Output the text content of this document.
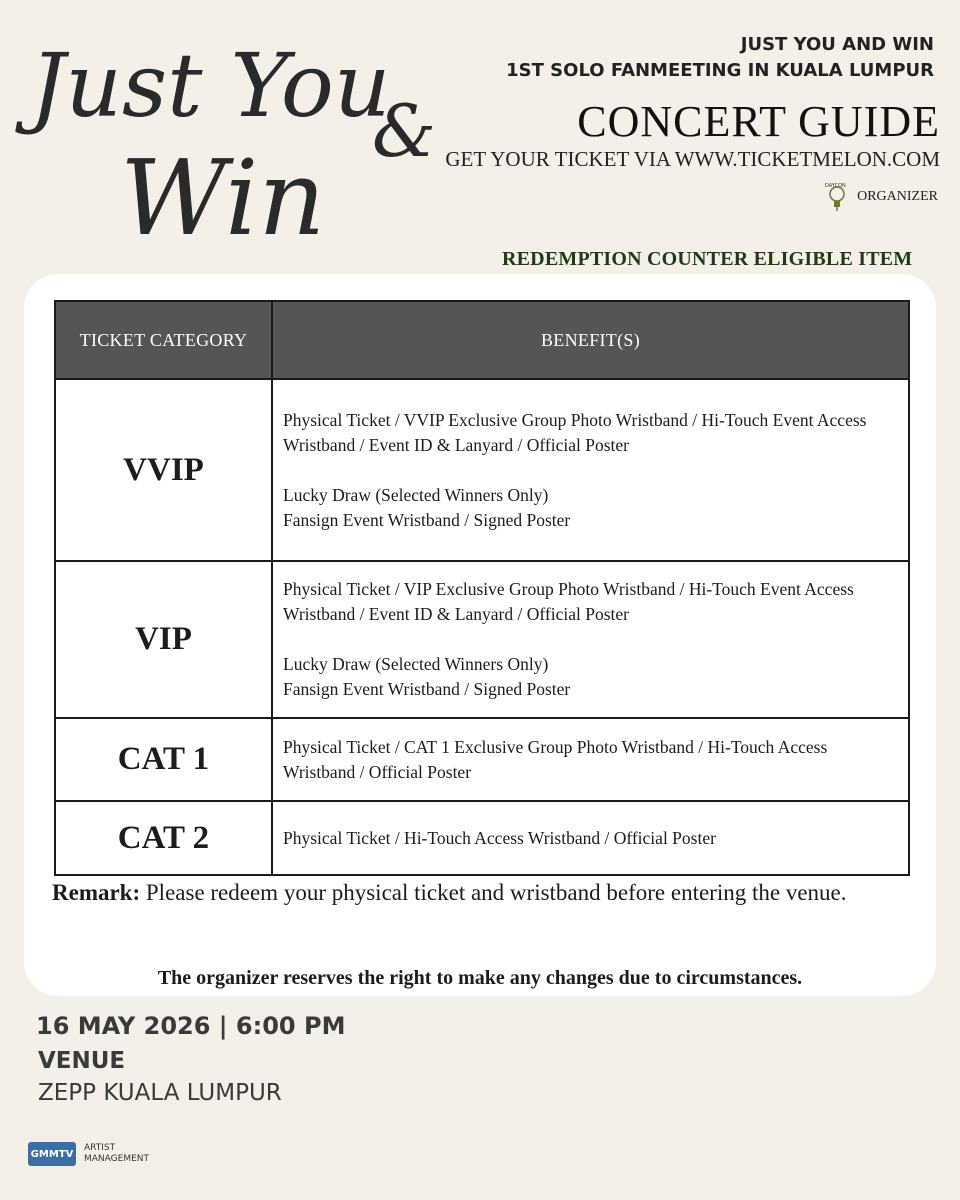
Just You
&
Win
JUST YOU AND WIN
1ST SOLO FANMEETING IN KUALA LUMPUR
CONCERT GUIDE
GET YOUR TICKET VIA WWW.TICKETMELON.COM
DAYCON
ORGANIZER
REDEMPTION COUNTER ELIGIBLE ITEM
TICKET CATEGORY	BENEFIT(S)
VVIP	Physical Ticket / VVIP Exclusive Group Photo Wristband / Hi-Touch Event Access Wristband / Event ID & Lanyard / Official Poster

Lucky Draw (Selected Winners Only)
Fansign Event Wristband / Signed Poster

VIP	Physical Ticket / VIP Exclusive Group Photo Wristband / Hi-Touch Event Access Wristband / Event ID & Lanyard / Official Poster

Lucky Draw (Selected Winners Only)
Fansign Event Wristband / Signed Poster

CAT 1	Physical Ticket / CAT 1 Exclusive Group Photo Wristband / Hi-Touch Access Wristband / Official Poster

CAT 2	Physical Ticket / Hi-Touch Access Wristband / Official Poster

Remark: Please redeem your physical ticket and wristband before entering the venue.
The organizer reserves the right to make any changes due to circumstances.
16 MAY 2026 | 6:00 PM
VENUE
ZEPP KUALA LUMPUR
GMMTV
ARTIST
MANAGEMENT
